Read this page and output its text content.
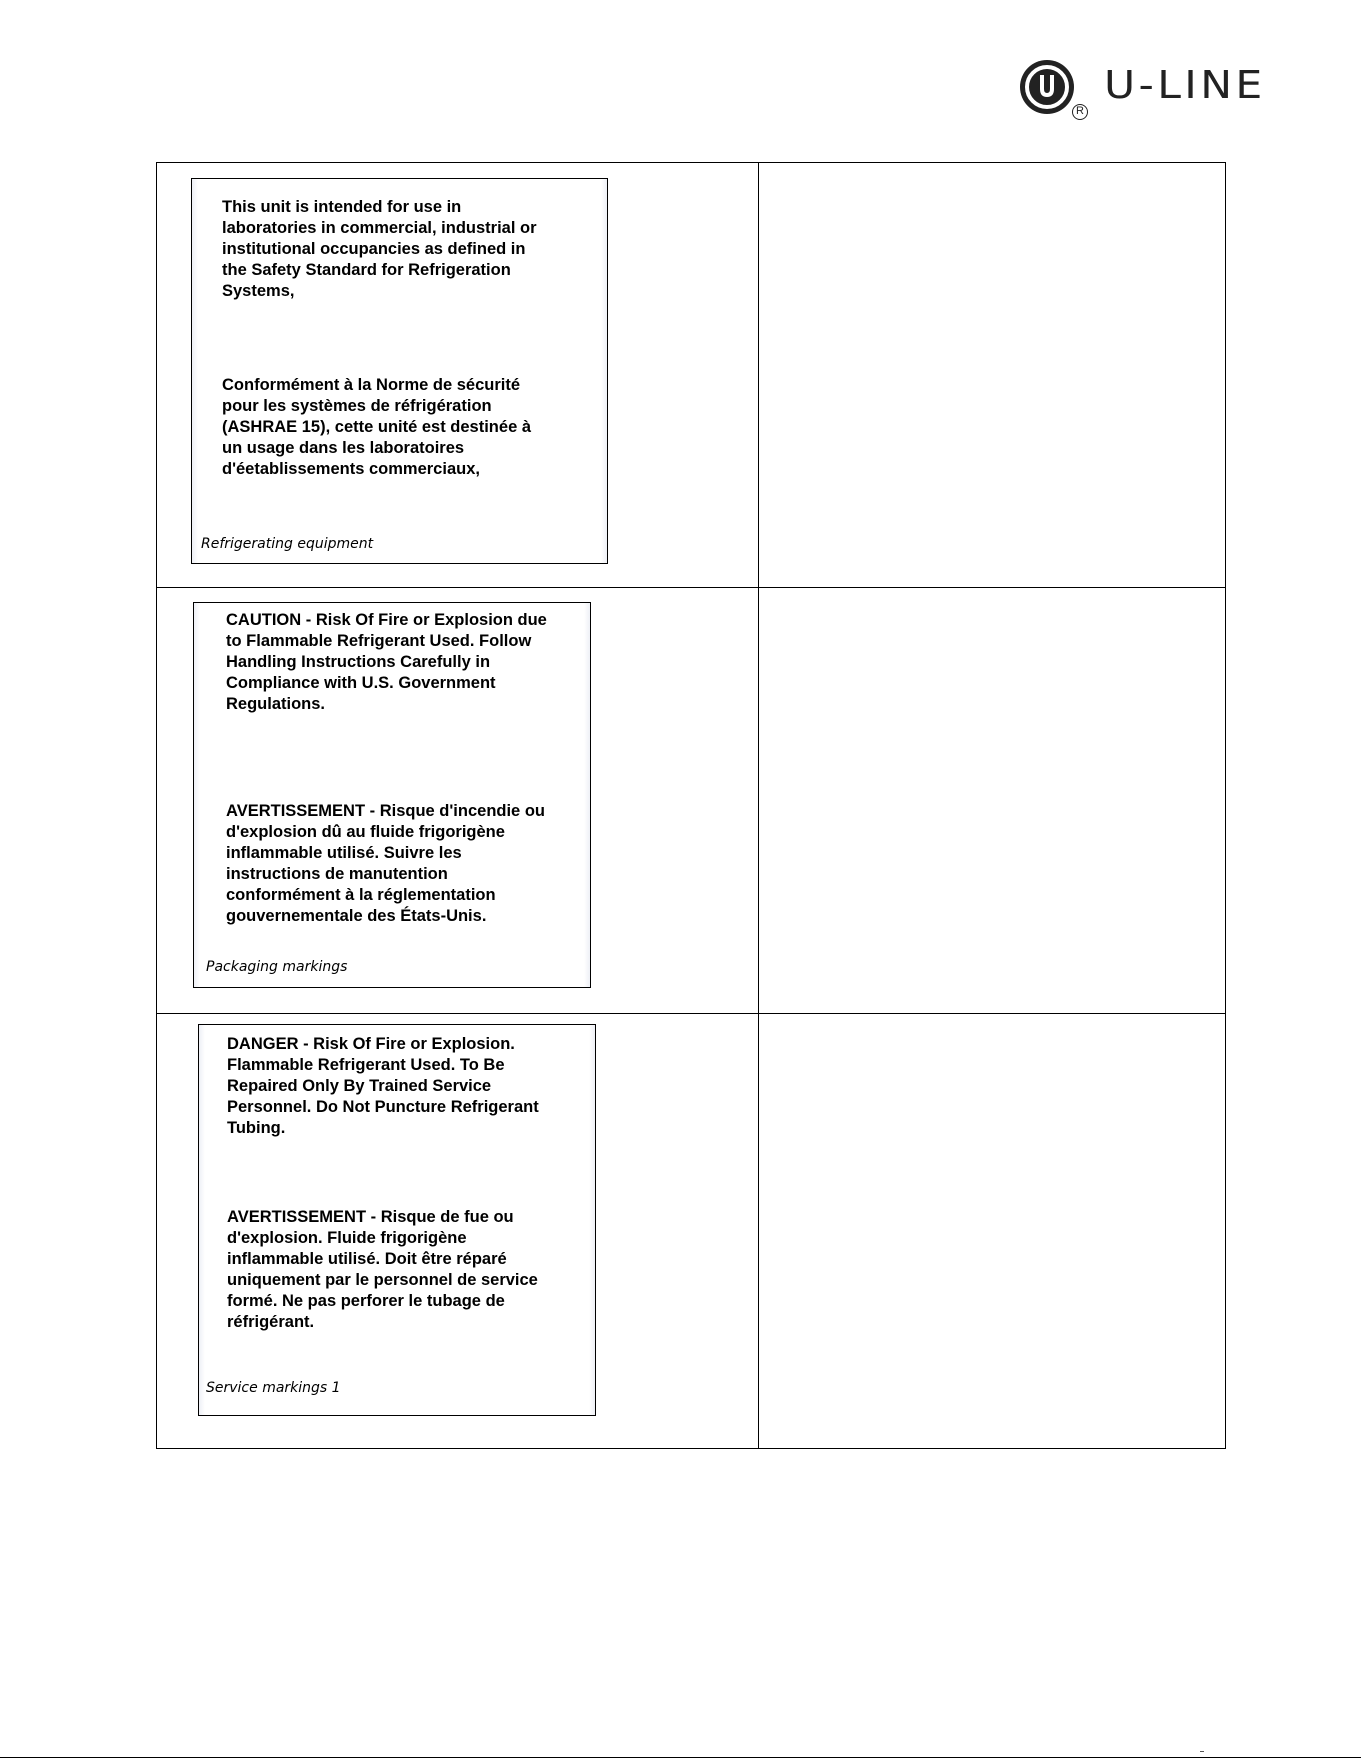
R
U-LINE
This unit is intended for use in
laboratories in commercial, industrial or
institutional occupancies as defined in
the Safety Standard for Refrigeration
Systems,
Conformément à la Norme de sécurité
pour les systèmes de réfrigération
(ASHRAE 15), cette unité est destinée à
un usage dans les laboratoires
d'éetablissements commerciaux,
Refrigerating equipment
CAUTION - Risk Of Fire or Explosion due
to Flammable Refrigerant Used. Follow
Handling Instructions Carefully in
Compliance with U.S. Government
Regulations.
AVERTISSEMENT - Risque d'incendie ou
d'explosion dû au fluide frigorigène
inflammable utilisé. Suivre les
instructions de manutention
conformément à la réglementation
gouvernementale des États-Unis.
Packaging markings
DANGER - Risk Of Fire or Explosion.
Flammable Refrigerant Used. To Be
Repaired Only By Trained Service
Personnel. Do Not Puncture Refrigerant
Tubing.
AVERTISSEMENT - Risque de fue ou
d'explosion. Fluide frigorigène
inflammable utilisé. Doit être réparé
uniquement par le personnel de service
formé. Ne pas perforer le tubage de
réfrigérant.
Service markings 1
